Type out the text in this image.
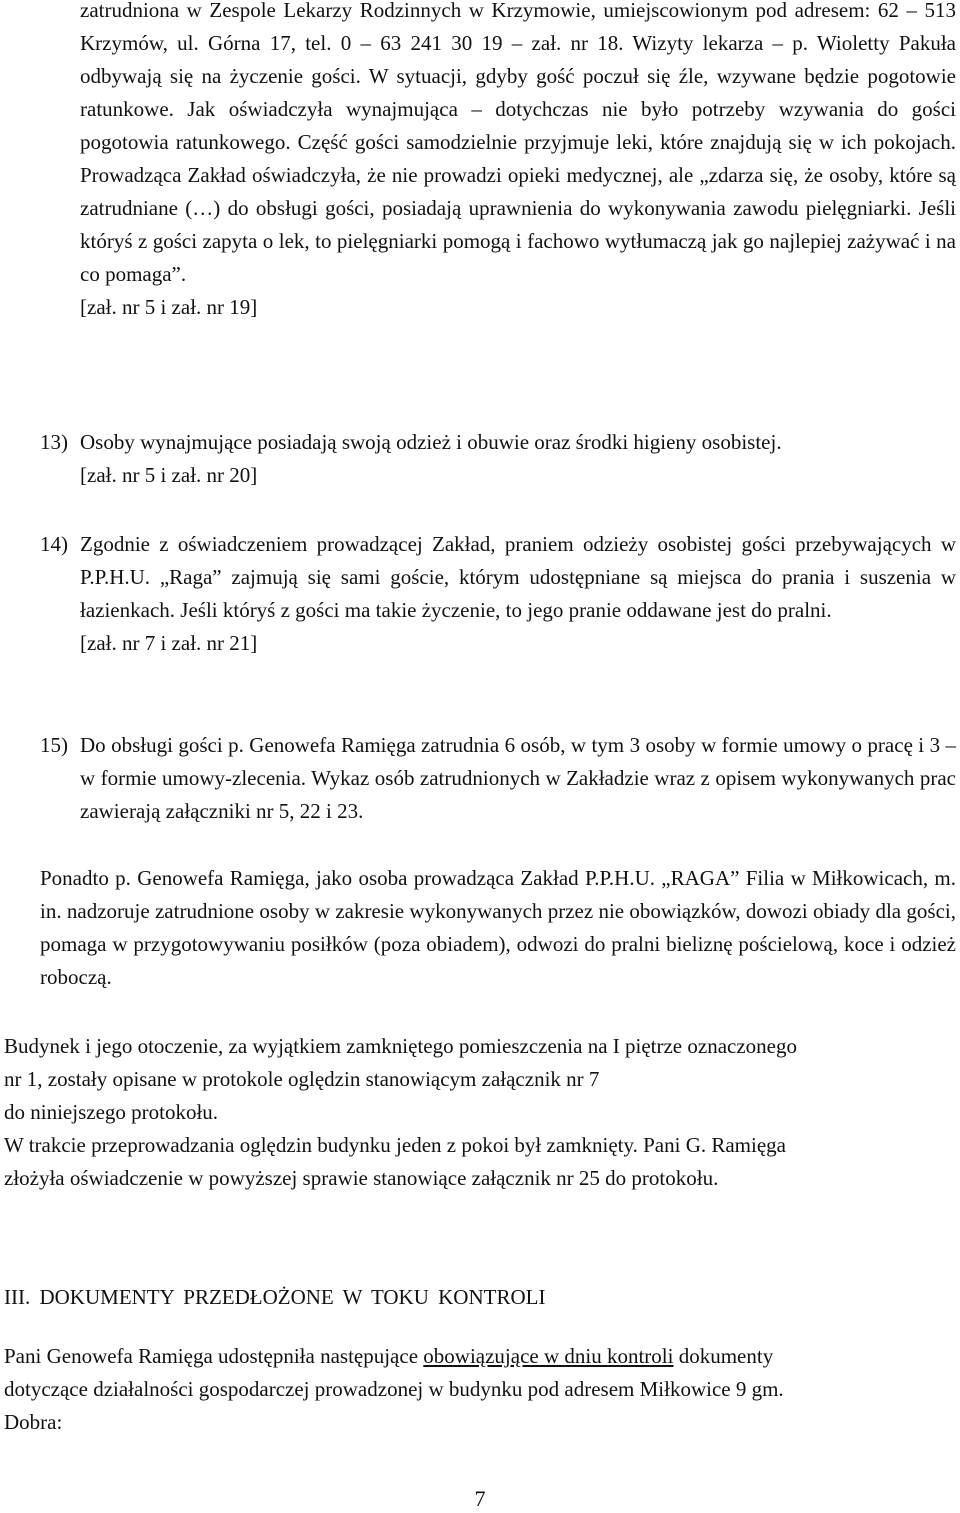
zatrudniona w Zespole Lekarzy Rodzinnych w Krzymowie, umiejscowionym pod adresem: 62 – 513 Krzymów, ul. Górna 17, tel. 0 – 63 241 30 19 – zał. nr 18. Wizyty lekarza – p. Wioletty Pakuła odbywają się na życzenie gości. W sytuacji, gdyby gość poczuł się źle, wzywane będzie pogotowie ratunkowe. Jak oświadczyła wynajmująca – dotychczas nie było potrzeby wzywania do gości pogotowia ratunkowego. Część gości samodzielnie przyjmuje leki, które znajdują się w ich pokojach. Prowadząca Zakład oświadczyła, że nie prowadzi opieki medycznej, ale „zdarza się, że osoby, które są zatrudniane (…) do obsługi gości, posiadają uprawnienia do wykonywania zawodu pielęgniarki. Jeśli któryś z gości zapyta o lek, to pielęgniarki pomogą i fachowo wytłumaczą jak go najlepiej zażywać i na co pomaga”.

[zał. nr 5 i zał. nr 19]

13) Osoby wynajmujące posiadają swoją odzież i obuwie oraz środki higieny osobistej.

[zał. nr 5 i zał. nr 20]

14) Zgodnie z oświadczeniem prowadzącej Zakład, praniem odzieży osobistej gości przebywających w P.P.H.U. „Raga” zajmują się sami goście, którym udostępniane są miejsca do prania i suszenia w łazienkach. Jeśli któryś z gości ma takie życzenie, to jego pranie oddawane jest do pralni.

[zał. nr 7 i zał. nr 21]

15) Do obsługi gości p. Genowefa Ramięga zatrudnia 6 osób, w tym 3 osoby w formie umowy o pracę i 3 – w formie umowy-zlecenia. Wykaz osób zatrudnionych w Zakładzie wraz z opisem wykonywanych prac zawierają załączniki nr 5, 22 i 23.

Ponadto p. Genowefa Ramięga, jako osoba prowadząca Zakład P.P.H.U. „RAGA” Filia w Miłkowicach, m. in. nadzoruje zatrudnione osoby w zakresie wykonywanych przez nie obowiązków, dowozi obiady dla gości, pomaga w przygotowywaniu posiłków (poza obiadem), odwozi do pralni bieliznę pościelową, koce i odzież roboczą.

Budynek i jego otoczenie, za wyjątkiem zamkniętego pomieszczenia na I piętrze oznaczonego

nr 1, zostały opisane w protokole oględzin stanowiącym załącznik nr 7

do niniejszego protokołu.

W trakcie przeprowadzania oględzin budynku jeden z pokoi był zamknięty. Pani G. Ramięga

złożyła oświadczenie w powyższej sprawie stanowiące załącznik nr 25 do protokołu.

III. DOKUMENTY PRZEDŁOŻONE W TOKU KONTROLI

Pani Genowefa Ramięga udostępniła następujące obowiązujące w dniu kontroli dokumenty

dotyczące działalności gospodarczej prowadzonej w budynku pod adresem Miłkowice 9 gm.

Dobra:

7
